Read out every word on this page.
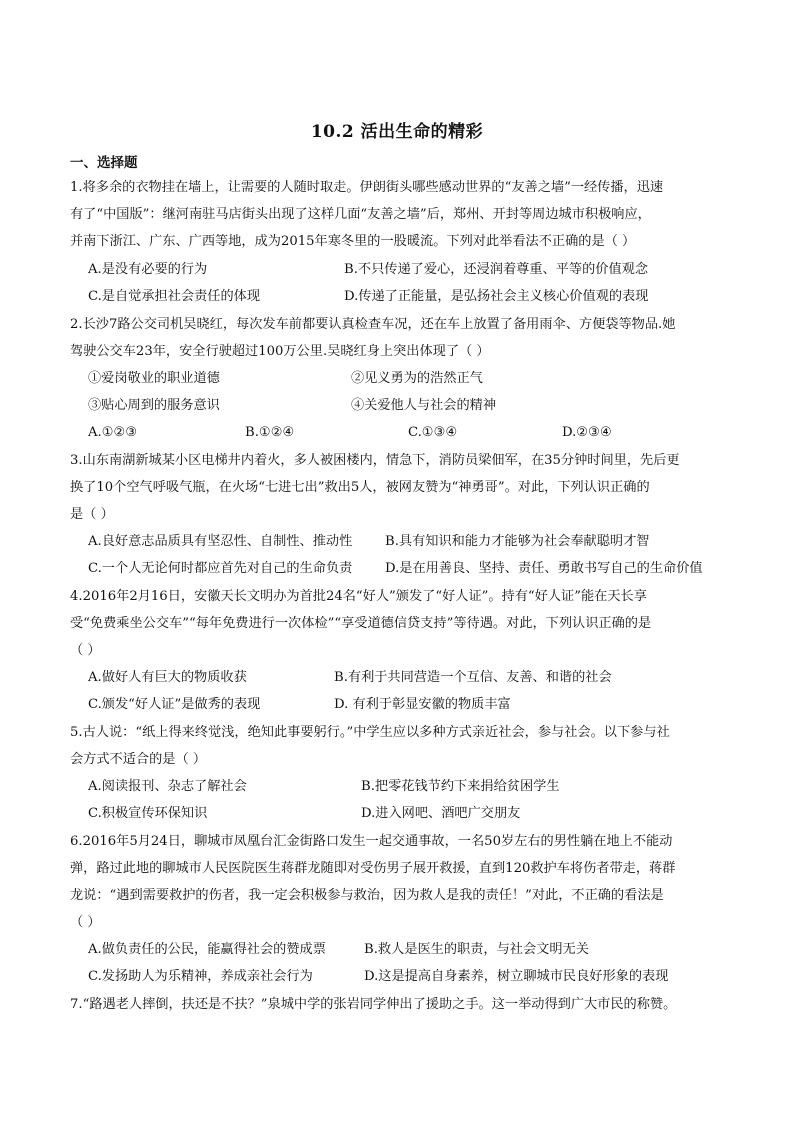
10.2 活出生命的精彩
一、选择题
1.将多余的衣物挂在墙上，让需要的人随时取走。伊朗街头哪些感动世界的“友善之墙”一经传播，迅速
有了“中国版”：继河南驻马店街头出现了这样几面“友善之墙”后，郑州、开封等周边城市积极响应，
并南下浙江、广东、广西等地，成为2015年寒冬里的一股暖流。下列对此举看法不正确的是（ ）
A.是没有必要的行为	B.不只传递了爱心，还浸润着尊重、平等的价值观念
C.是自觉承担社会责任的体现	D.传递了正能量，是弘扬社会主义核心价值观的表现
2.长沙7路公交司机吴晓红，每次发车前都要认真检查车况，还在车上放置了备用雨伞、方便袋等物品.她
驾驶公交车23年，安全行驶超过100万公里.吴晓红身上突出体现了（ ）
①爱岗敬业的职业道德	②见义勇为的浩然正气
③贴心周到的服务意识	④关爱他人与社会的精神
A.①②③	B.①②④	C.①③④	D.②③④
3.山东南湖新城某小区电梯井内着火，多人被困楼内，情急下，消防员梁佃军，在35分钟时间里，先后更
换了10个空气呼吸气瓶，在火场“七进七出”救出5人，被网友赞为“神勇哥”。对此，下列认识正确的
是（ ）
A.良好意志品质具有坚忍性、自制性、推动性 B.具有知识和能力才能够为社会奉献聪明才智
C.一个人无论何时都应首先对自己的生命负责 D.是在用善良、坚持、责任、勇敢书写自己的生命价值
4.2016年2月16日，安徽天长文明办为首批24名“好人”颁发了“好人证”。持有“好人证”能在天长享
受“免费乘坐公交车”“每年免费进行一次体检”“享受道德信贷支持”等待遇。对此，下列认识正确的是
（ ）
A.做好人有巨大的物质收获	B.有利于共同营造一个互信、友善、和谐的社会
C.颁发“好人证”是做秀的表现	D. 有利于彰显安徽的物质丰富
5.古人说：“纸上得来终觉浅，绝知此事要躬行。”中学生应以多种方式亲近社会，参与社会。以下参与社
会方式不适合的是（ ）
A.阅读报刊、杂志了解社会	B.把零花钱节约下来捐给贫困学生
C.积极宣传环保知识	D.进入网吧、酒吧广交朋友
6.2016年5月24日，聊城市凤凰台汇金街路口发生一起交通事故，一名50岁左右的男性躺在地上不能动
弹，路过此地的聊城市人民医院医生蒋群龙随即对受伤男子展开救援，直到120救护车将伤者带走，蒋群
龙说：“遇到需要救护的伤者，我一定会积极参与救治，因为救人是我的责任！”对此，不正确的看法是
（ ）
A.做负责任的公民，能赢得社会的赞成票	B.救人是医生的职责，与社会文明无关
C.发扬助人为乐精神，养成亲社会行为	D.这是提高自身素养，树立聊城市民良好形象的表现
7.“路遇老人摔倒，扶还是不扶？”泉城中学的张岩同学伸出了援助之手。这一举动得到广大市民的称赞。
